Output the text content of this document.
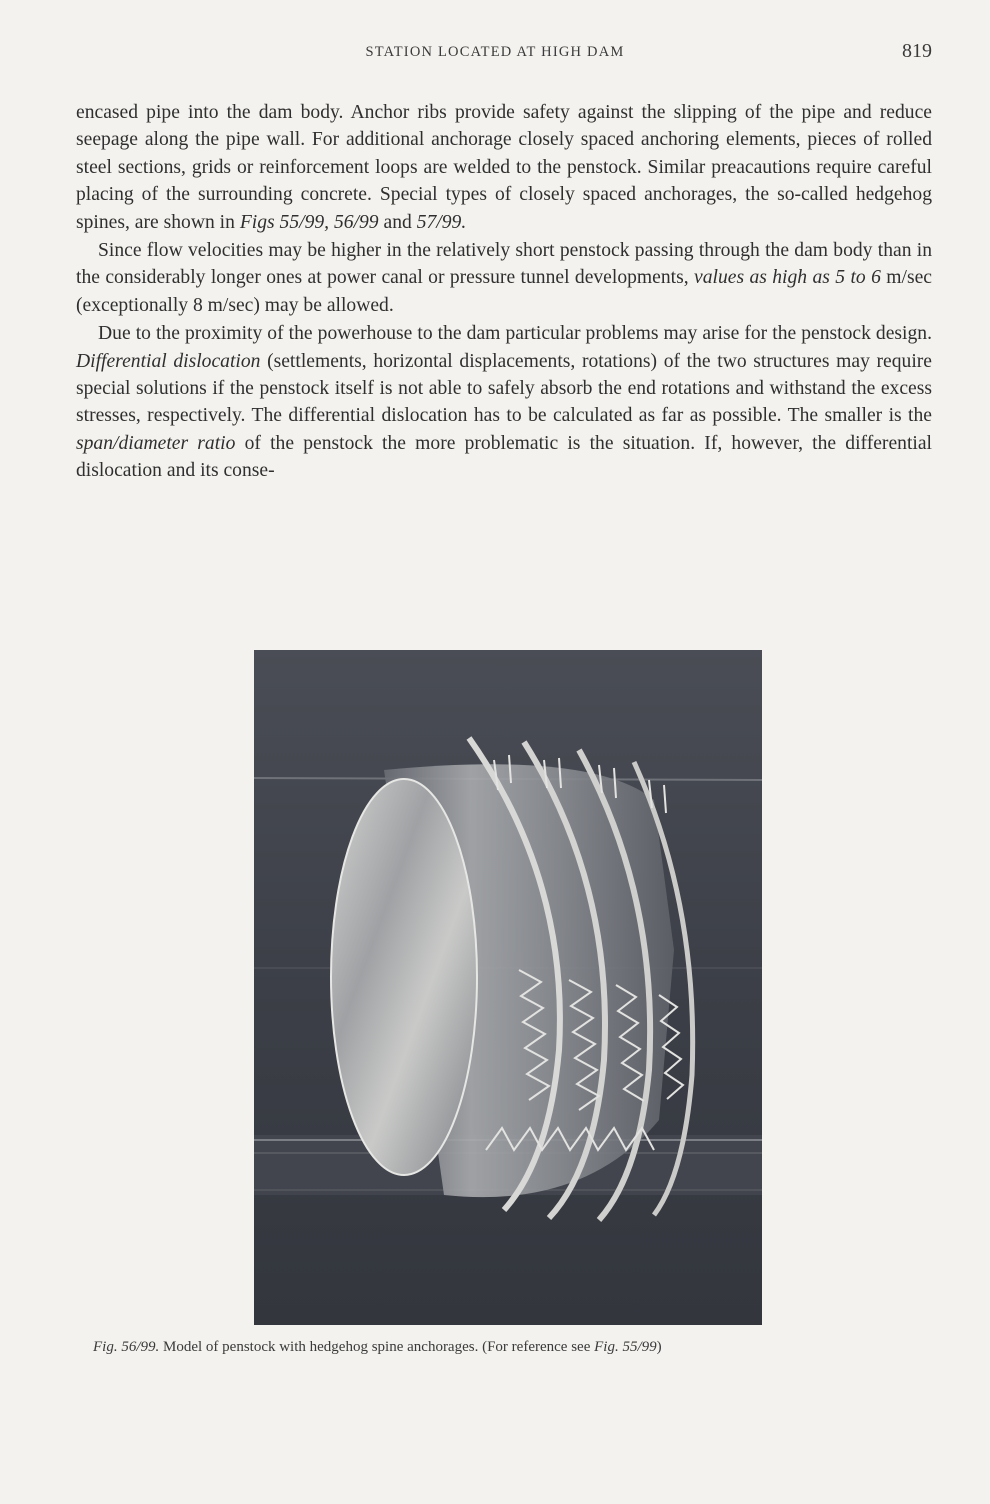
STATION LOCATED AT HIGH DAM	819

encased pipe into the dam body. Anchor ribs provide safety against the slipping of the pipe and reduce seepage along the pipe wall. For additional anchorage closely spaced anchoring elements, pieces of rolled steel sections, grids or reinforcement loops are welded to the penstock. Similar preacautions require careful placing of the surrounding concrete. Special types of closely spaced anchorages, the so-called hedgehog spines, are shown in Figs 55/99, 56/99 and 57/99.

Since flow velocities may be higher in the relatively short penstock passing through the dam body than in the considerably longer ones at power canal or pressure tunnel developments, values as high as 5 to 6 m/sec (exceptionally 8 m/sec) may be allowed.

Due to the proximity of the powerhouse to the dam particular problems may arise for the penstock design. Differential dislocation (settlements, horizontal displacements, rotations) of the two structures may require special solutions if the penstock itself is not able to safely absorb the end rotations and withstand the excess stresses, respectively. The differential dislocation has to be calculated as far as possible. The smaller is the span/diameter ratio of the penstock the more problematic is the situation. If, however, the differential dislocation and its conse-

Fig. 56/99. Model of penstock with hedgehog spine anchorages. (For reference see Fig. 55/99)
